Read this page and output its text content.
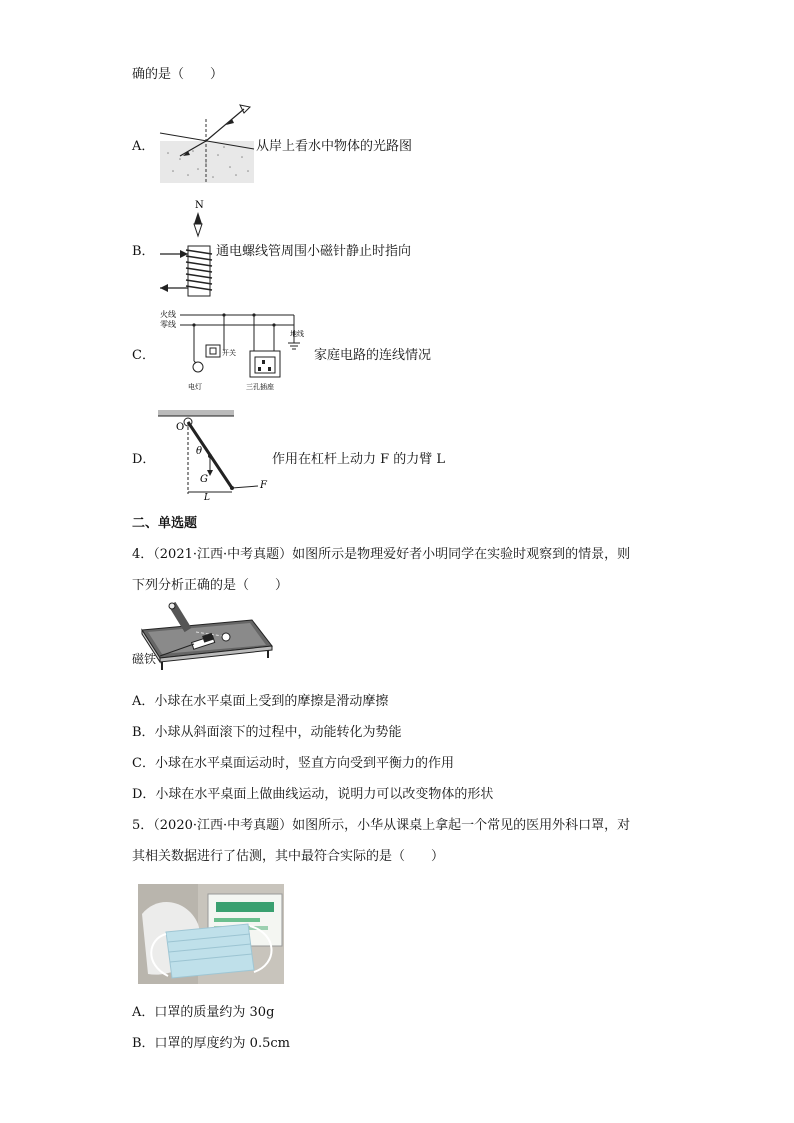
确的是（　　）
A．	从岸上看水中物体的光路图
B．
N
通电螺线管周围小磁针静止时指向
C．
火线
零线
开关
电灯	三孔插座
地线
家庭电路的连线情况
D．
O
θ
G
L
F
作用在杠杆上动力 F 的力臂 L
二、单选题
4．（2021·江西·中考真题）如图所示是物理爱好者小明同学在实验时观察到的情景，则
下列分析正确的是（　　）
磁铁
A．小球在水平桌面上受到的摩擦是滑动摩擦
B．小球从斜面滚下的过程中，动能转化为势能
C．小球在水平桌面运动时，竖直方向受到平衡力的作用
D．小球在水平桌面上做曲线运动，说明力可以改变物体的形状
5．（2020·江西·中考真题）如图所示，小华从课桌上拿起一个常见的医用外科口罩，对
其相关数据进行了估测，其中最符合实际的是（　　）
A．口罩的质量约为 30g
B．口罩的厚度约为 0.5cm
